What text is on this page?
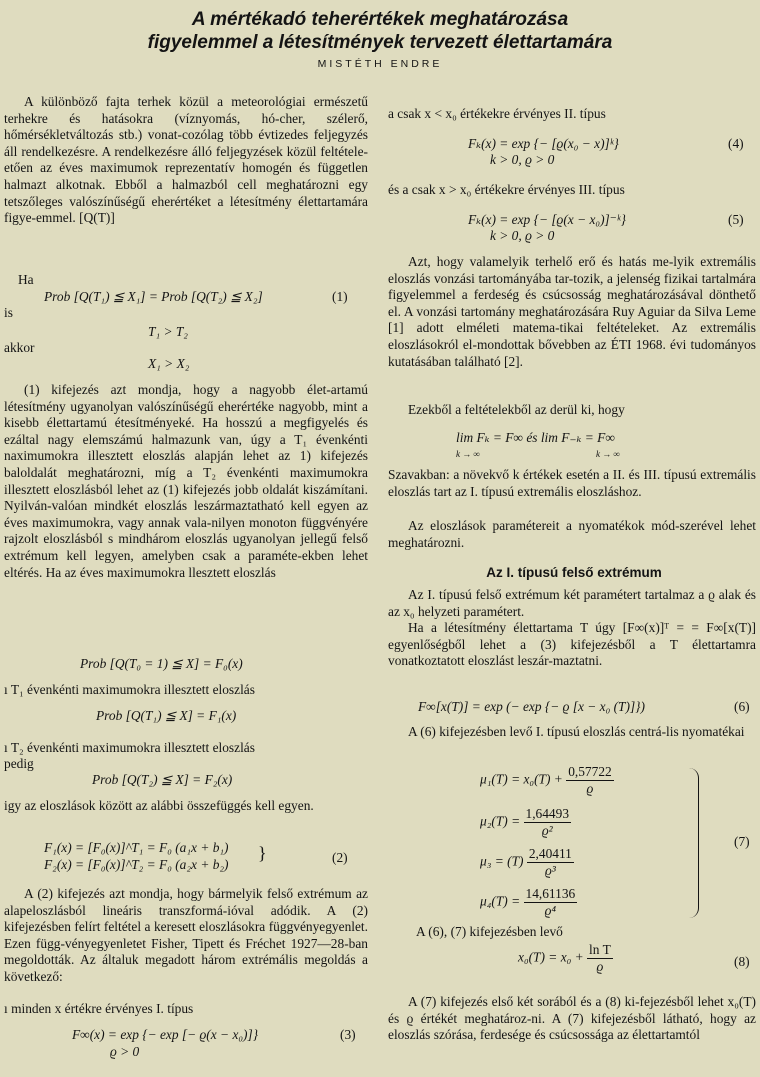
A mértékadó teherértékek meghatározása
figyelemmel a létesítmények tervezett élettartamára
MISTÉTH ENDRE
A különböző fajta terhek közül a meteorológiai ermészetű terhekre és hatásokra (víznyomás, hó-cher, szélerő, hőmérsékletváltozás stb.) vonat-cozólag több évtizedes feljegyzés áll rendelkezésre. A rendelkezésre álló feljegyzések közül feltétele-etően az éves maximumok reprezentatív homogén és független halmazt alkotnak. Ebből a halmazból cell meghatározni egy tetszőleges valószínűségű eherértéket a létesítmény élettartamára figye-emmel. [Q(T)]
Ha
Prob [Q(T₁) ≦ X₁] = Prob [Q(T₂) ≦ X₂]	(1)
is
T₁ > T₂
akkor
X₁ > X₂
(1) kifejezés azt mondja, hogy a nagyobb élet-artamú létesítmény ugyanolyan valószínűségű eherértéke nagyobb, mint a kisebb élettartamú étesítményeké. Ha hosszú a megfigyelés és ezáltal nagy elemszámú halmazunk van, úgy a T₁ évenkénti naximumokra illesztett eloszlás alapján lehet az 1) kifejezés baloldalát meghatározni, míg a T₂ évenkénti maximumokra illesztett eloszlásból lehet az (1) kifejezés jobb oldalát kiszámítani. Nyilván-valóan mindkét eloszlás leszármaztatható kell egyen az éves maximumokra, vagy annak vala-nilyen monoton függvényére rajzolt eloszlásból s mindhárom eloszlás ugyanolyan jellegű felső extrémum kell legyen, amelyben csak a paraméte-ekben lehet eltérés. Ha az éves maximumokra llesztett eloszlás
Prob [Q(T₀ = 1) ≦ X] = F₀(x)
ı T₁ évenkénti maximumokra illesztett eloszlás
Prob [Q(T₁) ≦ X] = F₁(x)
ı T₂ évenkénti maximumokra illesztett eloszlás
pedig
Prob [Q(T₂) ≦ X] = F₂(x)
igy az eloszlások között az alábbi összefüggés kell egyen.
F₁(x) = [F₀(x)]^T₁ = F₀ (a₁x + b₁)
F₂(x) = [F₀(x)]^T₂ = F₀ (a₂x + b₂)
}	(2)
A (2) kifejezés azt mondja, hogy bármelyik felső extrémum az alapeloszlásból lineáris transzformá-ióval adódik. A (2) kifejezésben felírt feltétel a keresett eloszlásokra függvényegyenlet. Ezen függ-vényegyenletet Fisher, Tipett és Fréchet 1927—28-ban megoldották. Az általuk megadott három extrémális megoldás a következő:
ı minden x értékre érvényes I. típus
F∞(x) = exp {− exp [− ϱ(x − x₀)]}
ϱ > 0
(3)
a csak x < x₀ értékekre érvényes II. típus
Fₖ(x) = exp {− [ϱ(x₀ − x)]ᵏ}
k > 0, ϱ > 0
(4)
és a csak x > x₀ értékekre érvényes III. típus
Fₖ(x) = exp {− [ϱ(x − x₀)]⁻ᵏ}
k > 0, ϱ > 0
(5)
Azt, hogy valamelyik terhelő erő és hatás me-lyik extremális eloszlás vonzási tartományába tar-tozik, a jelenség fizikai tartalmára figyelemmel a ferdeség és csúcsosság meghatározásával dönthető el. A vonzási tartomány meghatározására Ruy Aguiar da Silva Leme [1] adott elméleti matema-tikai feltételeket. Az extremális eloszlásokról el-mondottak bővebben az ÉTI 1968. évi tudományos kutatásában található [2].
Ezekből a feltételekből az derül ki, hogy
lim Fₖ = F∞ és lim F₋ₖ = F∞
k → ∞	k → ∞
Szavakban: a növekvő k értékek esetén a II. és III. típusú extremális eloszlás tart az I. típusú extremális eloszláshoz.
Az eloszlások paramétereit a nyomatékok mód-szerével lehet meghatározni.
Az I. típusú felső extrémum
Az I. típusú felső extrémum két paramétert tartalmaz a ϱ alak és az x₀ helyzeti paramétert.
Ha a létesítmény élettartama T úgy [F∞(x)]ᵀ = = F∞[x(T)] egyenlőségből lehet a (3) kifejezésből a T élettartamra vonatkoztatott eloszlást leszár-maztatni.
F∞[x(T)] = exp (− exp {− ϱ [x − x₀ (T)]})	(6)
A (6) kifejezésben levő I. típusú eloszlás centrá-lis nyomatékai
$\mu_1(T) = x_0(T) + \frac{0,57722}{ϱ}$
$\mu_2(T) = \frac{1,64493}{\text{ϱ²}}$
$\mu_3 = (T) \frac{2,40411}{\text{ϱ³}}$
$\mu_4(T) = \frac{14,61136}{\text{ϱ⁴}}$
(7)
A (6), (7) kifejezésben levő
$x_0(T) = x_0 + \frac{\text{ln T}}{ϱ}$	(8)
A (7) kifejezés első két sorából és a (8) ki-fejezésből lehet x₀(T) és ϱ értékét meghatároz-ni. A (7) kifejezésből látható, hogy az eloszlás szórása, ferdesége és csúcsossága az élettartamtól
